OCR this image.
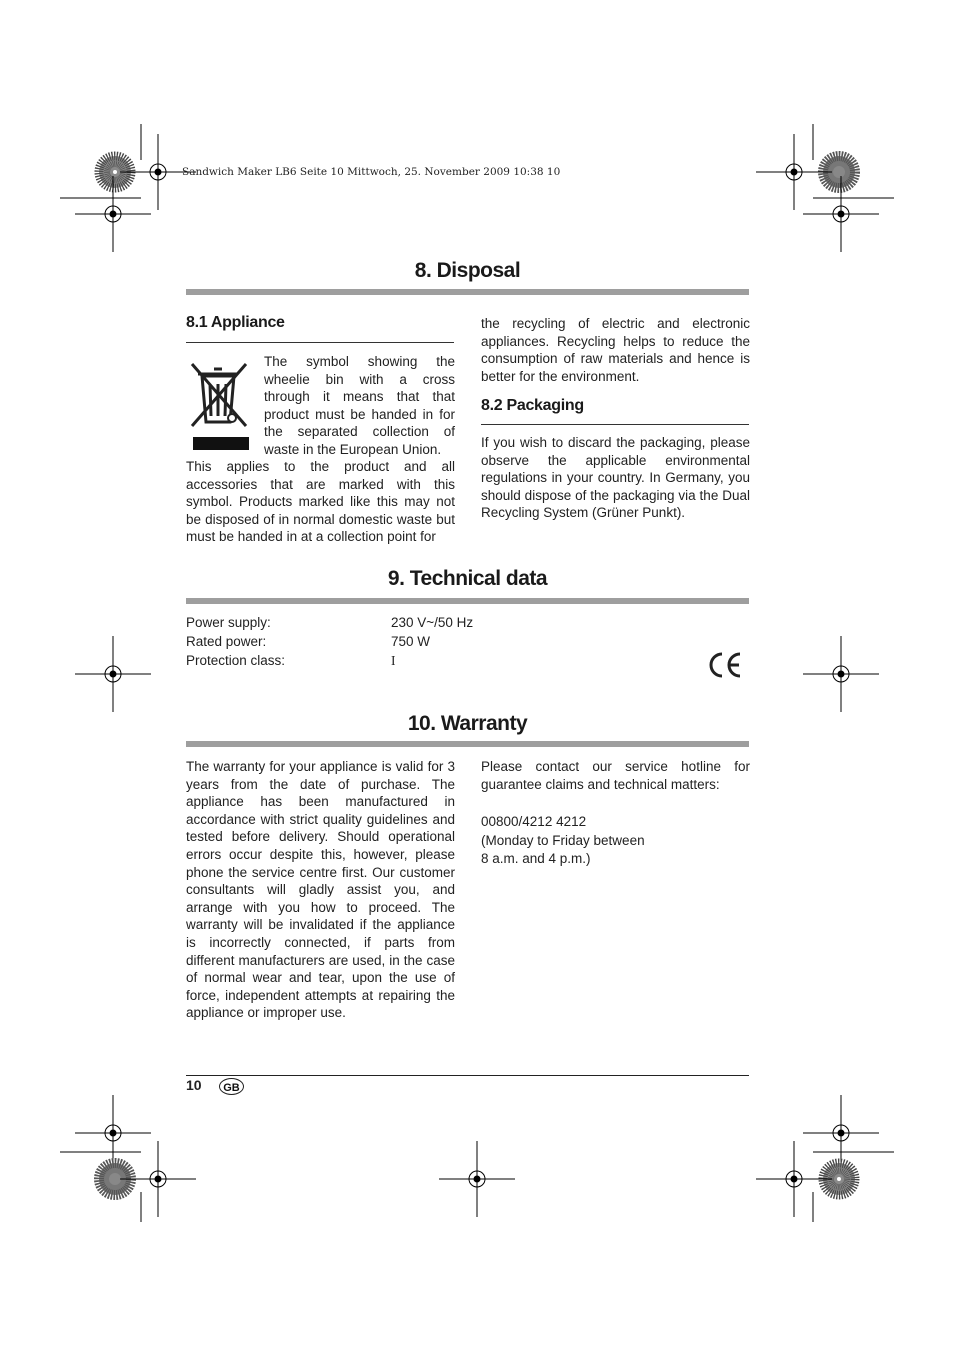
Sandwich Maker LB6 Seite 10 Mittwoch, 25. November 2009 10:38 10
8. Disposal
8.1 Appliance

The symbol showing the wheelie bin with a cross through it means that that product must be handed in for the separated collection of waste in the European Union.

This applies to the product and all accessories that are marked with this symbol. Products marked like this may not be disposed of in normal domestic waste but must be handed in at a collection point for

the recycling of electric and electronic appliances. Recycling helps to reduce the consumption of raw materials and hence is better for the environment.

8.2 Packaging

If you wish to discard the packaging, please observe the applicable environmental regulations in your country. In Germany, you should dispose of the packaging via the Dual Recycling System (Grüner Punkt).

9. Technical data
Power supply:	230 V~/50 Hz
Rated power:	750 W
Protection class:	I
10. Warranty

The warranty for your appliance is valid for 3 years from the date of purchase. The appliance has been manufactured in accordance with strict quality guidelines and tested before delivery. Should operational errors occur despite this, however, please phone the service centre first. Our customer consultants will gladly assist you, and arrange with you how to proceed. The warranty will be invalidated if the appliance is incorrectly connected, if parts from different manufacturers are used, in the case of normal wear and tear, upon the use of force, independent attempts at repairing the appliance or improper use.

Please contact our service hotline for guarantee claims and technical matters:

00800/4212 4212
(Monday to Friday between
8 a.m. and 4 p.m.)
10	GB
